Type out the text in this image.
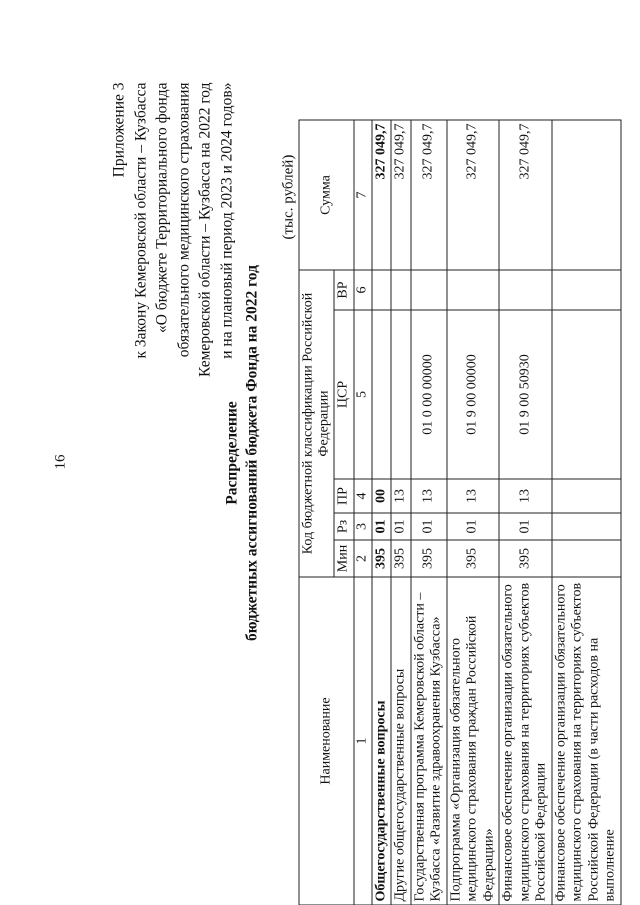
16
Приложение 3 к Закону Кемеровской области – Кузбасса «О бюджете Территориального фонда обязательного медицинского страхования Кемеровской области – Кузбасса на 2022 год и на плановый период 2023 и 2024 годов»
Распределение бюджетных ассигнований бюджета Фонда на 2022 год
(тыс. рублей)
Наименование	Код бюджетной классификации Российской Федерации					Сумма
	Мин	Рз	ПР	ЦСР	ВР	
1	2	3	4	5	6	7
Общегосударственные вопросы	395	01	00			327 049,7
Другие общегосударственные вопросы	395	01	13			327 049,7
Государственная программа Кемеровской области – Кузбасса «Развитие здравоохранения Кузбасса»	395	01	13	01 0 00 00000		327 049,7
Подпрограмма «Организация обязательного медицинского страхования граждан Российской Федерации»	395	01	13	01 9 00 00000		327 049,7
Финансовое обеспечение организации обязательного медицинского страхования на территориях субъектов Российской Федерации	395	01	13	01 9 00 50930		327 049,7
Финансовое обеспечение организации обязательного медицинского страхования на территориях субъектов Российской Федерации (в части расходов на выполнение						
